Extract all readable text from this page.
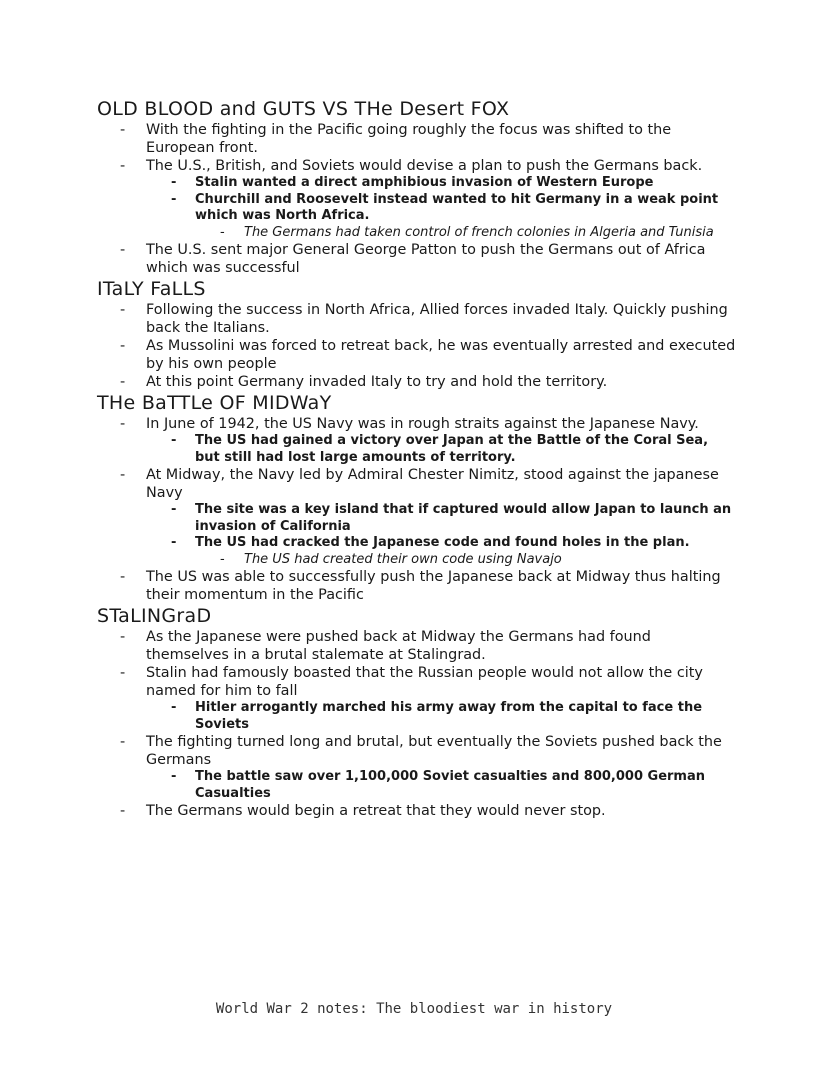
OLD BLOOD and GUTS VS THe Desert FOX
- With the fighting in the Pacific going roughly the focus was shifted to the European front.
- The U.S., British, and Soviets would devise a plan to push the Germans back.
- Stalin wanted a direct amphibious invasion of Western Europe
- Churchill and Roosevelt instead wanted to hit Germany in a weak point which was North Africa.
- The Germans had taken control of french colonies in Algeria and Tunisia
- The U.S. sent major General George Patton to push the Germans out of Africa which was successful
ITaLY FaLLS
- Following the success in North Africa, Allied forces invaded Italy. Quickly pushing back the Italians.
- As Mussolini was forced to retreat back, he was eventually arrested and executed by his own people
- At this point Germany invaded Italy to try and hold the territory.
THe BaTTLe OF MIDWaY
- In June of 1942, the US Navy was in rough straits against the Japanese Navy.
- The US had gained a victory over Japan at the Battle of the Coral Sea, but still had lost large amounts of territory.
- At Midway, the Navy led by Admiral Chester Nimitz, stood against the japanese Navy
- The site was a key island that if captured would allow Japan to launch an invasion of California
- The US had cracked the Japanese code and found holes in the plan.
- The US had created their own code using Navajo
- The US was able to successfully push the Japanese back at Midway thus halting their momentum in the Pacific
STaLINGraD
- As the Japanese were pushed back at Midway the Germans had found themselves in a brutal stalemate at Stalingrad.
- Stalin had famously boasted that the Russian people would not allow the city named for him to fall
- Hitler arrogantly marched his army away from the capital to face the Soviets
- The fighting turned long and brutal, but eventually the Soviets pushed back the Germans
- The battle saw over 1,100,000 Soviet casualties and 800,000 German Casualties
- The Germans would begin a retreat that they would never stop.
World War 2 notes: The bloodiest war in history
